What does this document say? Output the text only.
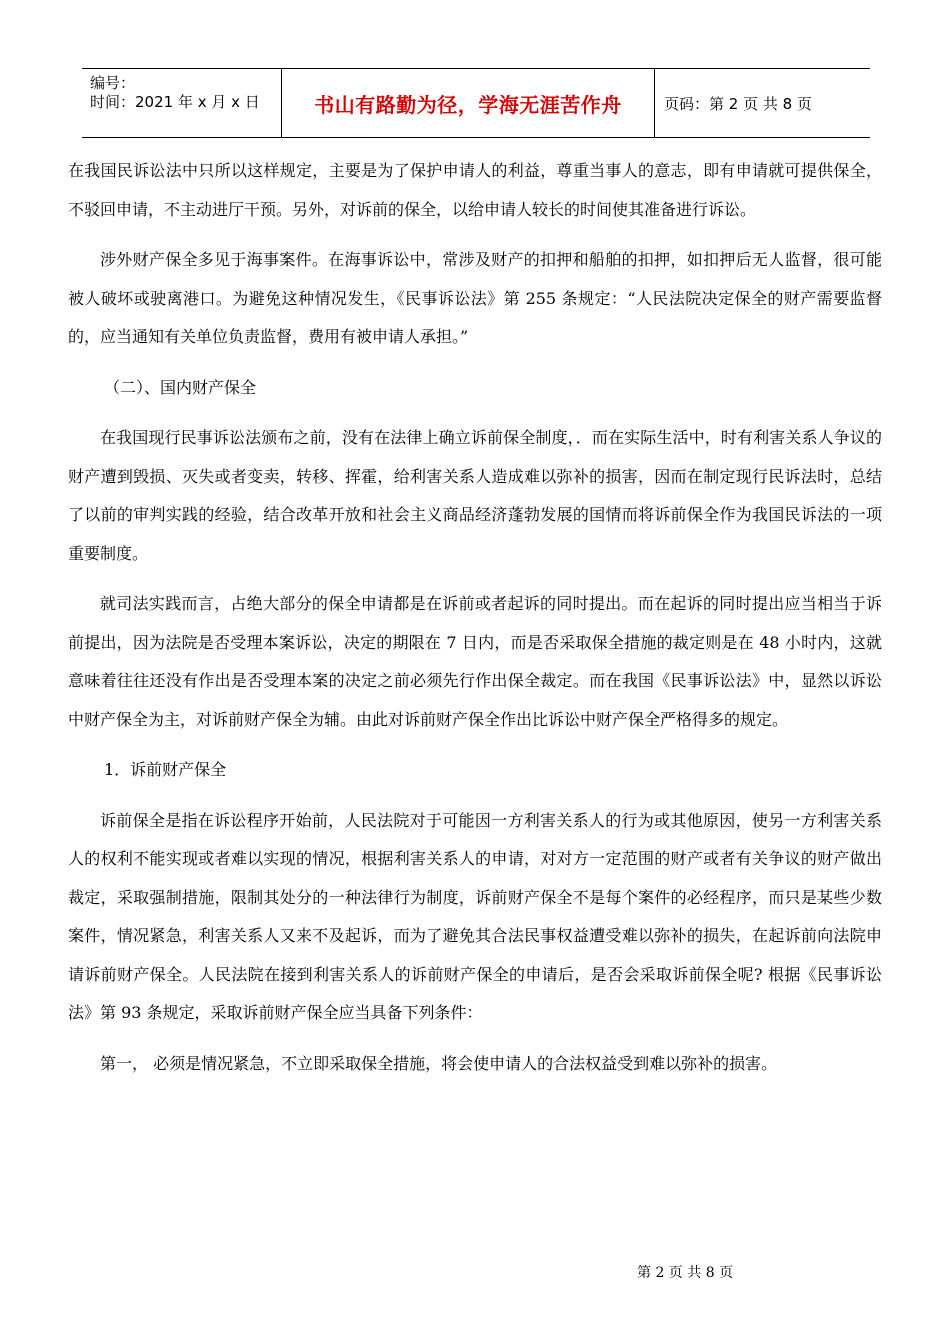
编号：
时间：2021 年 x 月 x 日	书山有路勤为径，学海无涯苦作舟	页码：第 2 页 共 8 页

在我国民诉讼法中只所以这样规定，主要是为了保护申请人的利益，尊重当事人的意志，即有申请就可提供保全，不驳回申请，不主动进厅干预。另外，对诉前的保全，以给申请人较长的时间使其准备进行诉讼。

涉外财产保全多见于海事案件。在海事诉讼中，常涉及财产的扣押和船舶的扣押，如扣押后无人监督，很可能被人破坏或驶离港口。为避免这种情况发生，《民事诉讼法》第 255 条规定：“人民法院决定保全的财产需要监督的，应当通知有关单位负责监督，费用有被申请人承担。”

（二）、国内财产保全

在我国现行民事诉讼法颁布之前，没有在法律上确立诉前保全制度，．而在实际生活中，时有利害关系人争议的财产遭到毁损、灭失或者变卖，转移、挥霍，给利害关系人造成难以弥补的损害，因而在制定现行民诉法时，总结了以前的审判实践的经验，结合改革开放和社会主义商品经济蓬勃发展的国情而将诉前保全作为我国民诉法的一项重要制度。

就司法实践而言，占绝大部分的保全申请都是在诉前或者起诉的同时提出。而在起诉的同时提出应当相当于诉前提出，因为法院是否受理本案诉讼，决定的期限在 7 日内，而是否采取保全措施的裁定则是在 48 小时内，这就意味着往往还没有作出是否受理本案的决定之前必须先行作出保全裁定。而在我国《民事诉讼法》中，显然以诉讼中财产保全为主，对诉前财产保全为辅。由此对诉前财产保全作出比诉讼中财产保全严格得多的规定。

1．诉前财产保全

诉前保全是指在诉讼程序开始前，人民法院对于可能因一方利害关系人的行为或其他原因，使另一方利害关系人的权利不能实现或者难以实现的情况，根据利害关系人的申请，对对方一定范围的财产或者有关争议的财产做出裁定，采取强制措施，限制其处分的一种法律行为制度，诉前财产保全不是每个案件的必经程序，而只是某些少数案件，情况紧急，利害关系人又来不及起诉，而为了避免其合法民事权益遭受难以弥补的损失，在起诉前向法院申请诉前财产保全。人民法院在接到利害关系人的诉前财产保全的申请后，是否会采取诉前保全呢? 根据《民事诉讼法》第 93 条规定，采取诉前财产保全应当具备下列条件：

第一， 必须是情况紧急，不立即采取保全措施，将会使申请人的合法权益受到难以弥补的损害。

第 2 页 共 8 页
